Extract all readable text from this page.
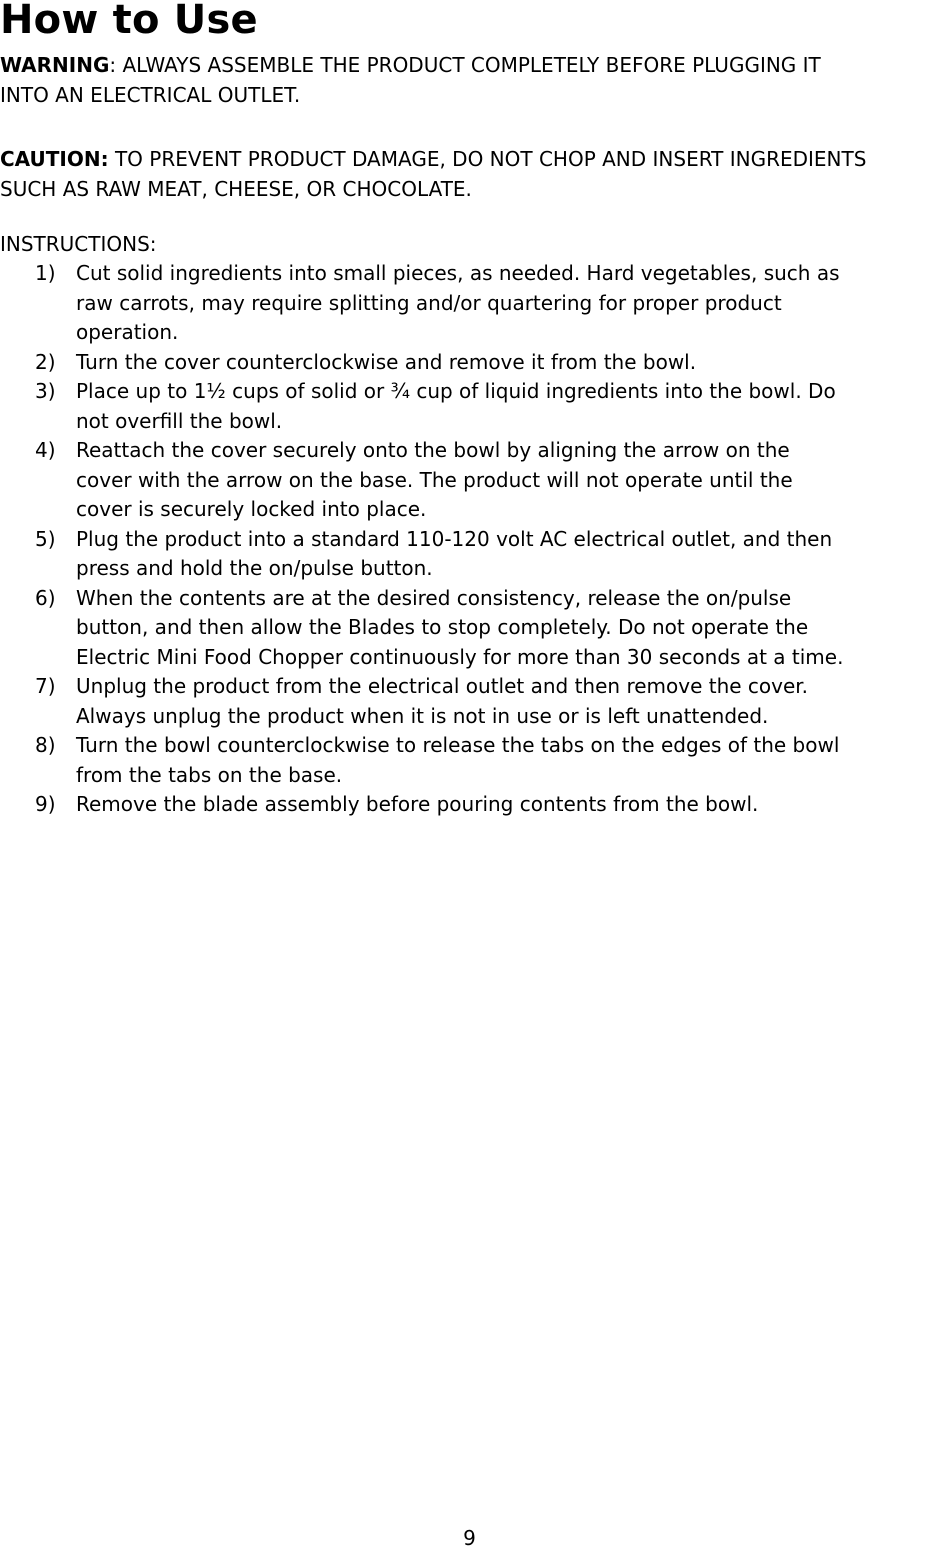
How to Use

WARNING: ALWAYS ASSEMBLE THE PRODUCT COMPLETELY BEFORE PLUGGING IT
INTO AN ELECTRICAL OUTLET.

CAUTION: TO PREVENT PRODUCT DAMAGE, DO NOT CHOP AND INSERT INGREDIENTS
SUCH AS RAW MEAT, CHEESE, OR CHOCOLATE.

INSTRUCTIONS:

1) Cut solid ingredients into small pieces, as needed. Hard vegetables, such as
raw carrots, may require splitting and/or quartering for proper product
operation.
2) Turn the cover counterclockwise and remove it from the bowl.
3) Place up to 1½ cups of solid or ¾ cup of liquid ingredients into the bowl. Do
not overfill the bowl.
4) Reattach the cover securely onto the bowl by aligning the arrow on the
cover with the arrow on the base. The product will not operate until the
cover is securely locked into place.
5) Plug the product into a standard 110-120 volt AC electrical outlet, and then
press and hold the on/pulse button.
6) When the contents are at the desired consistency, release the on/pulse
button, and then allow the Blades to stop completely. Do not operate the
Electric Mini Food Chopper continuously for more than 30 seconds at a time.
7) Unplug the product from the electrical outlet and then remove the cover.
Always unplug the product when it is not in use or is left unattended.
8) Turn the bowl counterclockwise to release the tabs on the edges of the bowl
from the tabs on the base.
9) Remove the blade assembly before pouring contents from the bowl.
9
